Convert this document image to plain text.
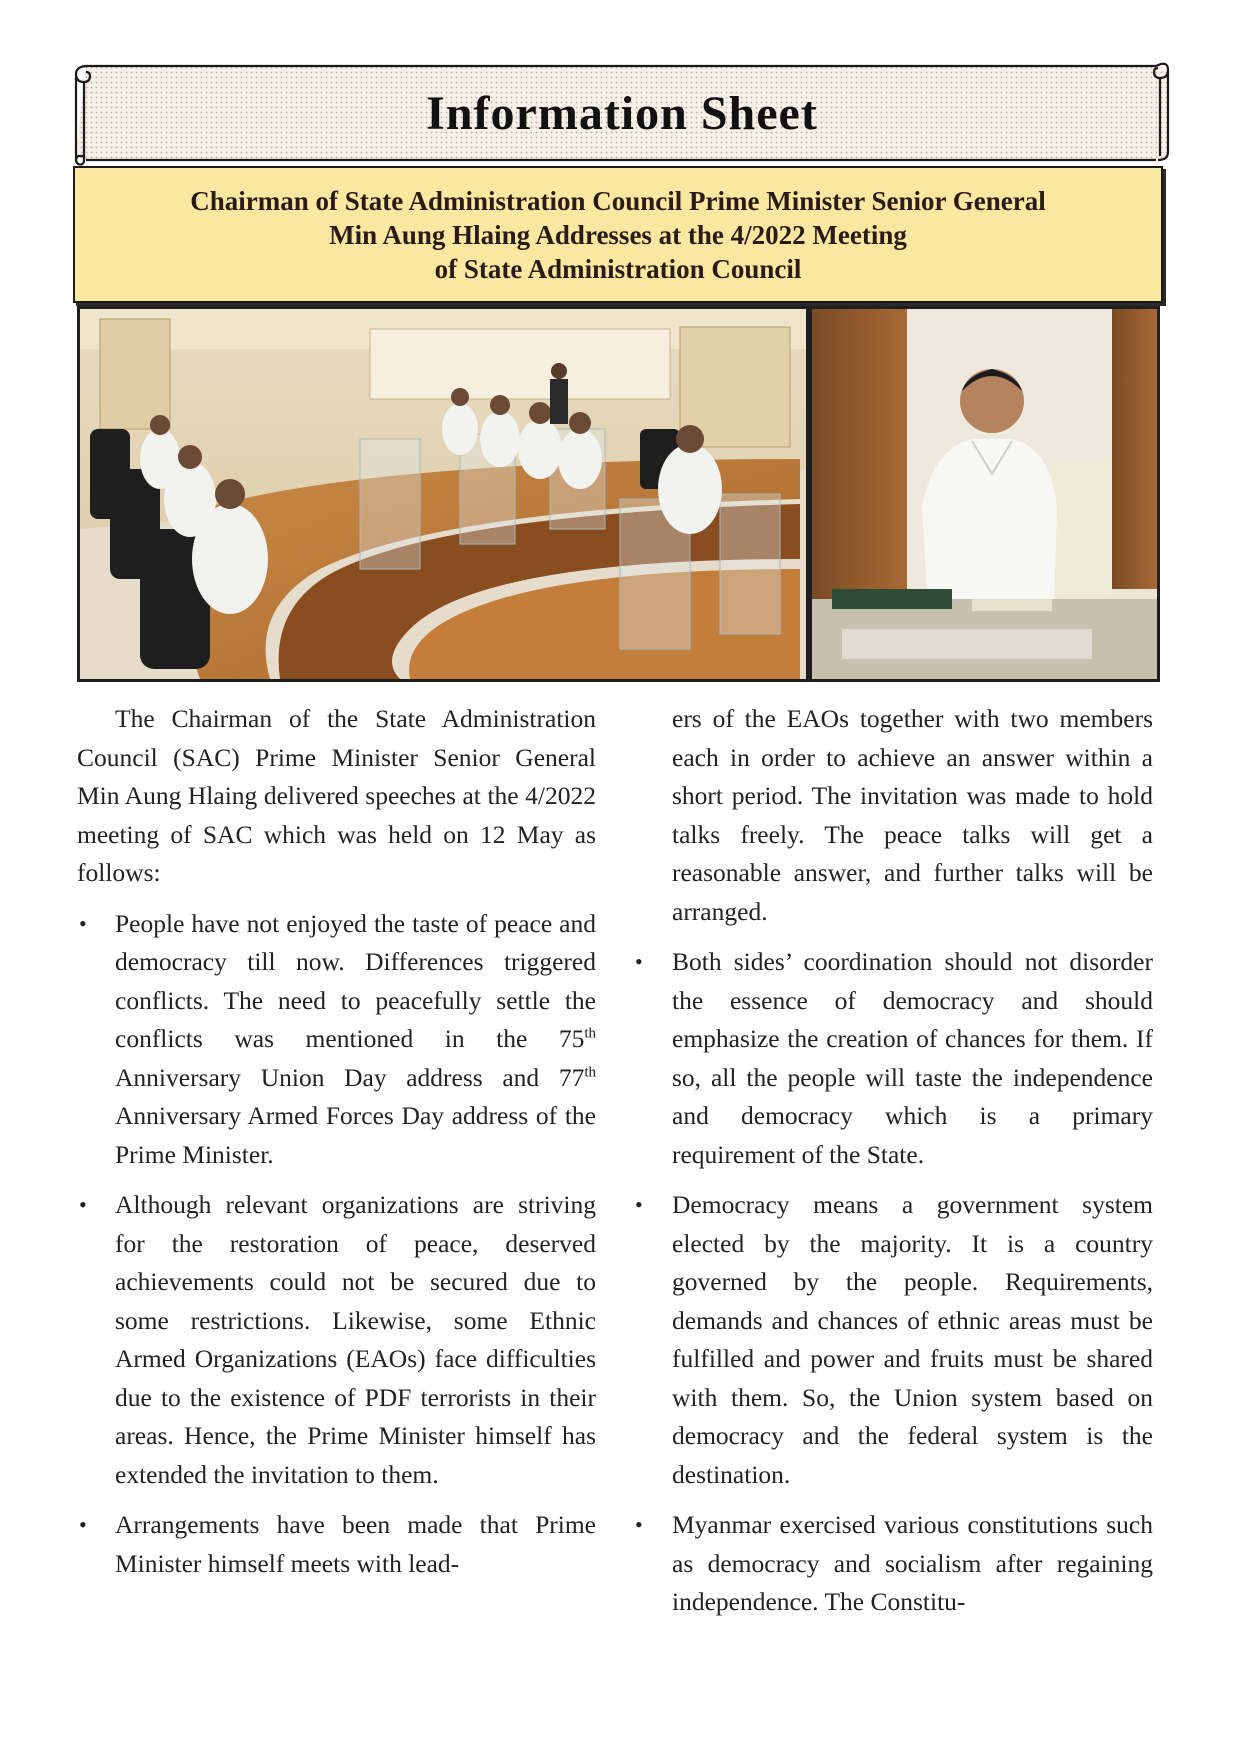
Information Sheet
Chairman of State Administration Council Prime Minister Senior General
Min Aung Hlaing Addresses at the 4/2022 Meeting
of State Administration Council

The Chairman of the State Administration Council (SAC) Prime Minister Senior General Min Aung Hlaing delivered speeches at the 4/2022 meeting of SAC which was held on 12 May as follows:

• People have not enjoyed the taste of peace and democracy till now. Differences triggered conflicts. The need to peacefully settle the conflicts was mentioned in the 75th Anniversary Union Day address and 77th Anniversary Armed Forces Day address of the Prime Minister.
• Although relevant organizations are striving for the restoration of peace, deserved achievements could not be secured due to some restrictions. Likewise, some Ethnic Armed Organizations (EAOs) face difficulties due to the existence of PDF terrorists in their areas. Hence, the Prime Minister himself has extended the invitation to them.
• Arrangements have been made that Prime Minister himself meets with lead-

ers of the EAOs together with two members each in order to achieve an answer within a short period. The invitation was made to hold talks freely. The peace talks will get a reasonable answer, and further talks will be arranged.

• Both sides’ coordination should not disorder the essence of democracy and should emphasize the creation of chances for them. If so, all the people will taste the independence and democracy which is a primary requirement of the State.
• Democracy means a government system elected by the majority. It is a country governed by the people. Requirements, demands and chances of ethnic areas must be fulfilled and power and fruits must be shared with them. So, the Union system based on democracy and the federal system is the destination.
• Myanmar exercised various constitutions such as democracy and socialism after regaining independence. The Constitu-
